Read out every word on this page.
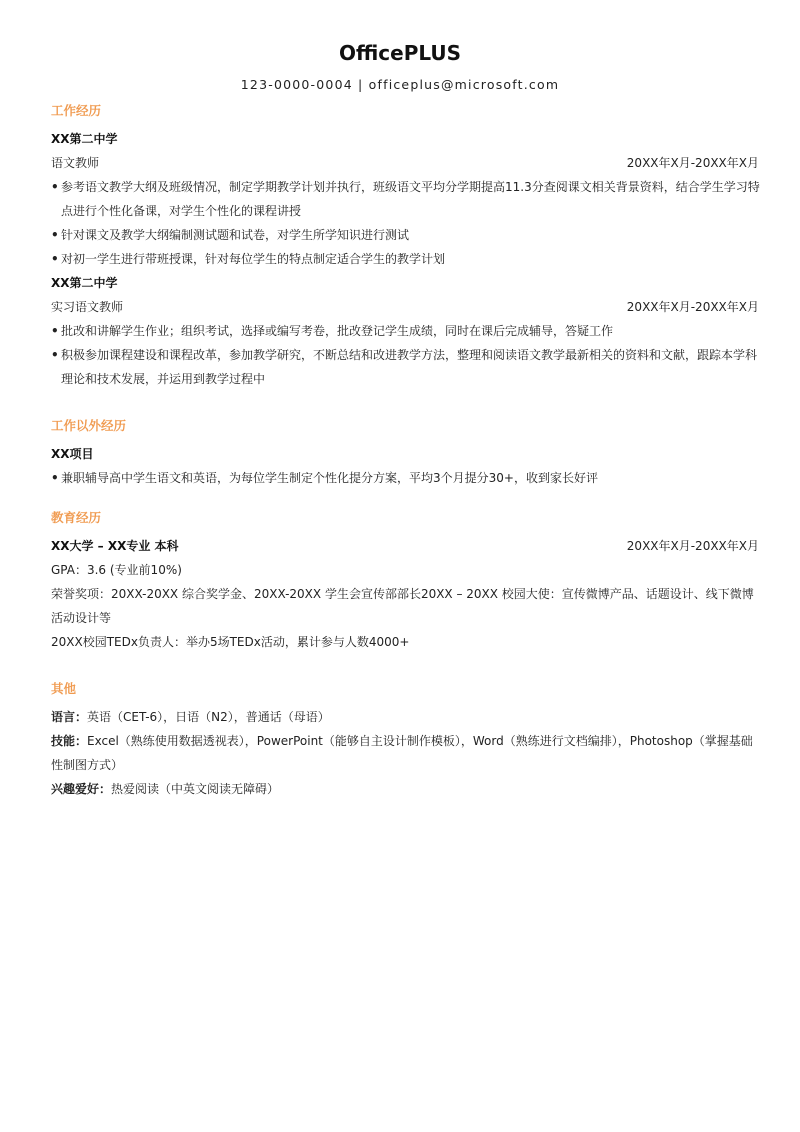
OfficePLUS
123-0000-0004 | officeplus@microsoft.com
工作经历
XX第二中学
语文教师	20XX年X月-20XX年X月
• 参考语文教学大纲及班级情况，制定学期教学计划并执行，班级语文平均分学期提高11.3分查阅课文相关背景资料，结合学生学习特点进行个性化备课，对学生个性化的课程讲授
• 针对课文及教学大纲编制测试题和试卷，对学生所学知识进行测试
• 对初一学生进行带班授课，针对每位学生的特点制定适合学生的教学计划
XX第二中学
实习语文教师	20XX年X月-20XX年X月
• 批改和讲解学生作业；组织考试，选择或编写考卷，批改登记学生成绩，同时在课后完成辅导，答疑工作
• 积极参加课程建设和课程改革，参加教学研究，不断总结和改进教学方法，整理和阅读语文教学最新相关的资料和文献，跟踪本学科理论和技术发展，并运用到教学过程中
工作以外经历
XX项目
• 兼职辅导高中学生语文和英语，为每位学生制定个性化提分方案，平均3个月提分30+，收到家长好评
教育经历
XX大学 – XX专业 本科	20XX年X月-20XX年X月
GPA：3.6 (专业前10%)
荣誉奖项：20XX-20XX 综合奖学金、20XX-20XX 学生会宣传部部长20XX – 20XX 校园大使：宣传微博产品、话题设计、线下微博活动设计等
20XX校园TEDx负责人：举办5场TEDx活动，累计参与人数4000+
其他
语言：英语（CET-6），日语（N2），普通话（母语）
技能：Excel（熟练使用数据透视表），PowerPoint（能够自主设计制作模板），Word（熟练进行文档编排），Photoshop（掌握基础性制图方式）
兴趣爱好：热爱阅读（中英文阅读无障碍）
